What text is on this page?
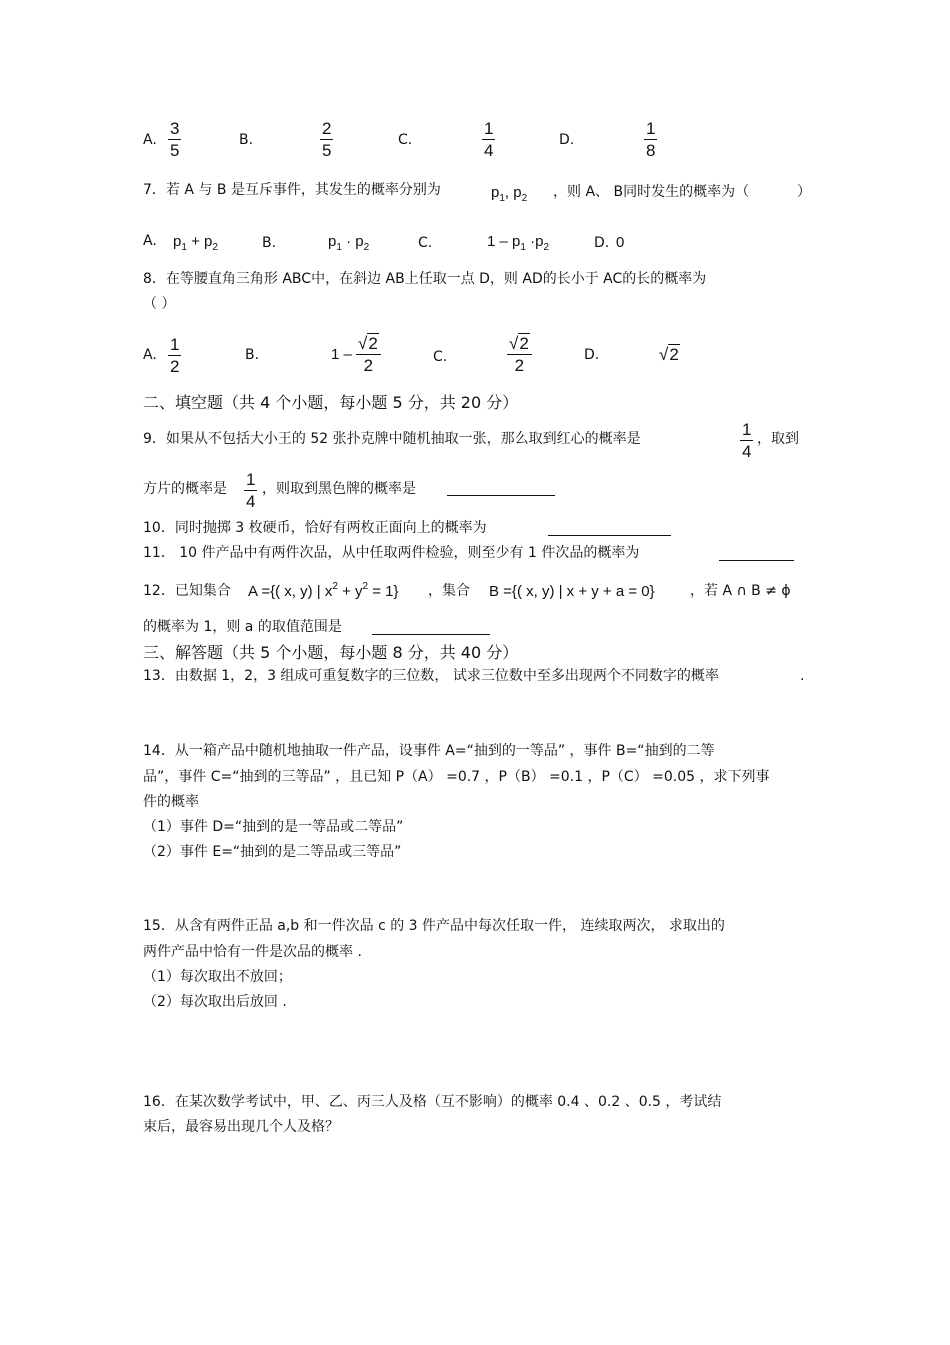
A.
3
5
B.
2
5
C.
1
4
D.
1
8
7．若 A 与 B 是互斥事件，其发生的概率分别为	$p_1$, $p_2$ ，则 A、 B同时发生的概率为（	）
A. $p_1 + p_2$	B.	$p_1 \cdot p_2$	C.	$1 - p_1 \cdot p_2$	D. 0
8．在等腰直角三角形 ABC中，在斜边 AB上任取一点 D，则 AD的长小于 AC的长的概率为
（ ）
A.
1
2
B.	1 –
√ 2
2	C.
√ 2
2
D.	√ 2
二、填空题（共 4 个小题，每小题 5 分，共 20 分）
9．如果从不包括大小王的 52 张扑克牌中随机抽取一张，那么取到红心的概率是	1
4
，取到
方片的概率是 1
4
，则取到黑色牌的概率是
10．同时抛掷 3 枚硬币，恰好有两枚正面向上的概率为
11． 10 件产品中有两件次品，从中任取两件检验，则至少有 1 件次品的概率为
12．已知集合 A ={( x, y) | $x^2 + y^2 = 1$} ，集合 B ={( x, y) | x + y + a = 0}	，若 A ∩ B ≠ ϕ
的概率为 1，则 a 的取值范围是
三、解答题（共 5 个小题，每小题 8 分，共 40 分）
13．由数据 1，2，3 组成可重复数字的三位数， 试求三位数中至多出现两个不同数字的概率	.
14．从一箱产品中随机地抽取一件产品，设事件 A=“抽到的一等品” ，事件 B=“抽到的二等
品”，事件 C=“抽到的三等品” ，且已知 P（A） =0.7 ，P（B） =0.1 ，P（C） =0.05 ，求下列事
件的概率
（1）事件 D=“抽到的是一等品或二等品”
（2）事件 E=“抽到的是二等品或三等品”
15．从含有两件正品 a,b 和一件次品 c 的 3 件产品中每次任取一件， 连续取两次， 求取出的
两件产品中恰有一件是次品的概率 .
（1）每次取出不放回；
（2）每次取出后放回 .
16．在某次数学考试中，甲、乙、丙三人及格（互不影响）的概率 0.4 、0.2 、0.5 ，考试结
束后，最容易出现几个人及格？
